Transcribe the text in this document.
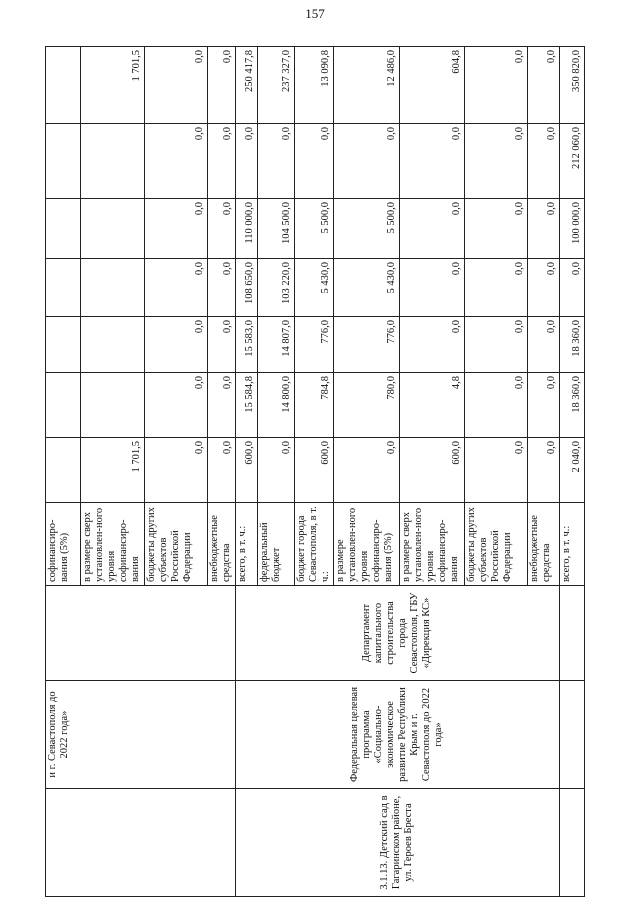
157
	и г. Севастополя до 2022 года»		софинансиро-вания (5%)							
			в размере сверх установлен-ного уровня софинансиро-вания	1 701,5						1 701,5
			бюджеты других субъектов Российской Федерации	0,0	0,0	0,0	0,0	0,0	0,0	0,0
			внебюджетные средства	0,0	0,0	0,0	0,0	0,0	0,0	0,0
3.1.13. Детский сад в Гагаринском районе, ул. Героев Бреста	Федеральная целевая программа «Социально-экономическое развитие Республики Крым и г. Севастополя до 2022 года»	Департамент капитального строительства города Севастополя, ГБУ «Дирекция КС»	всего, в т. ч.:	600,0	15 584,8	15 583,0	108 650,0	110 000,0	0,0	250 417,8
			федеральный бюджет	0,0	14 800,0	14 807,0	103 220,0	104 500,0	0,0	237 327,0
			бюджет города Севастополя, в т. ч.:	600,0	784,8	776,0	5 430,0	5 500,0	0,0	13 090,8
			в размере установлен-ного уровня софинансиро-вания (5%)	0,0	780,0	776,0	5 430,0	5 500,0	0,0	12 486,0
			в размере сверх установлен-ного уровня софинансиро-вания	600,0	4,8	0,0	0,0	0,0	0,0	604,8
			бюджеты других субъектов Российской Федерации	0,0	0,0	0,0	0,0	0,0	0,0	0,0
			внебюджетные средства	0,0	0,0	0,0	0,0	0,0	0,0	0,0
			всего, в т. ч.:	2 040,0	18 360,0	18 360,0	0,0	100 000,0	212 060,0	350 820,0
